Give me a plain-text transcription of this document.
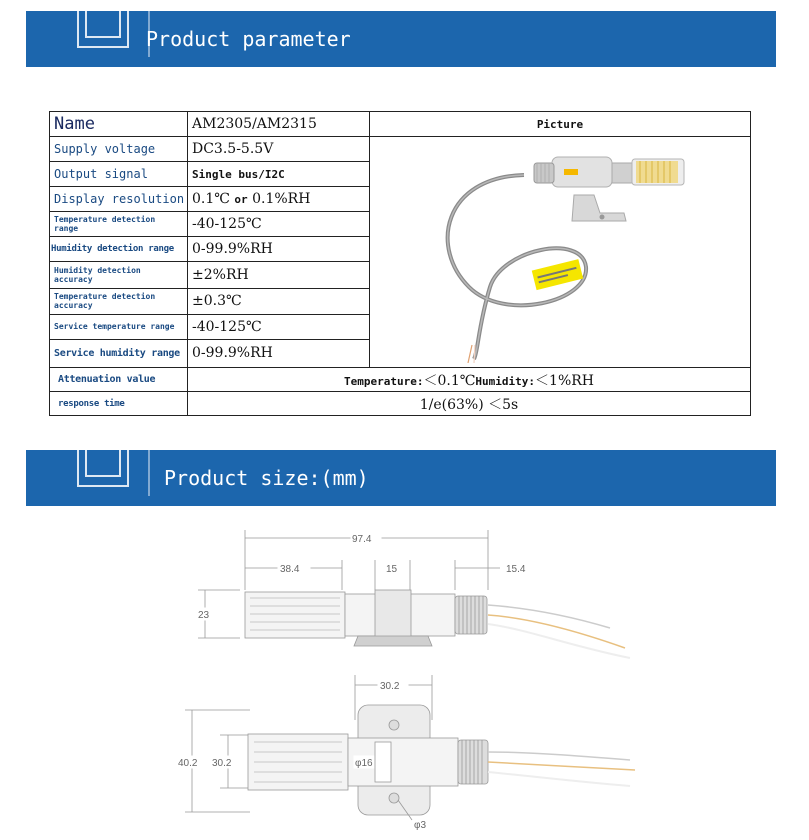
Product parameter
Name	AM2305/AM2315	Picture
Supply voltage	DC3.5-5.5V	
Output signal	Single bus/I2C	
Display resolution	0.1℃ or 0.1%RH	
Temperature detection range	-40-125℃	
Humidity detection range	0-99.9%RH	
Humidity detection accuracy	±2%RH	
Temperature detection accuracy	±0.3℃	
Service temperature range	-40-125℃	
Service humidity range	0-99.9%RH	
Attenuation value	Temperature:＜0.1℃Humidity:＜1%RH	
response time	1/e(63%) ＜5s	
Product size:(mm)
97.4
38.4	15	15.4
23
30.2
40.2 30.2	φ16
φ3
